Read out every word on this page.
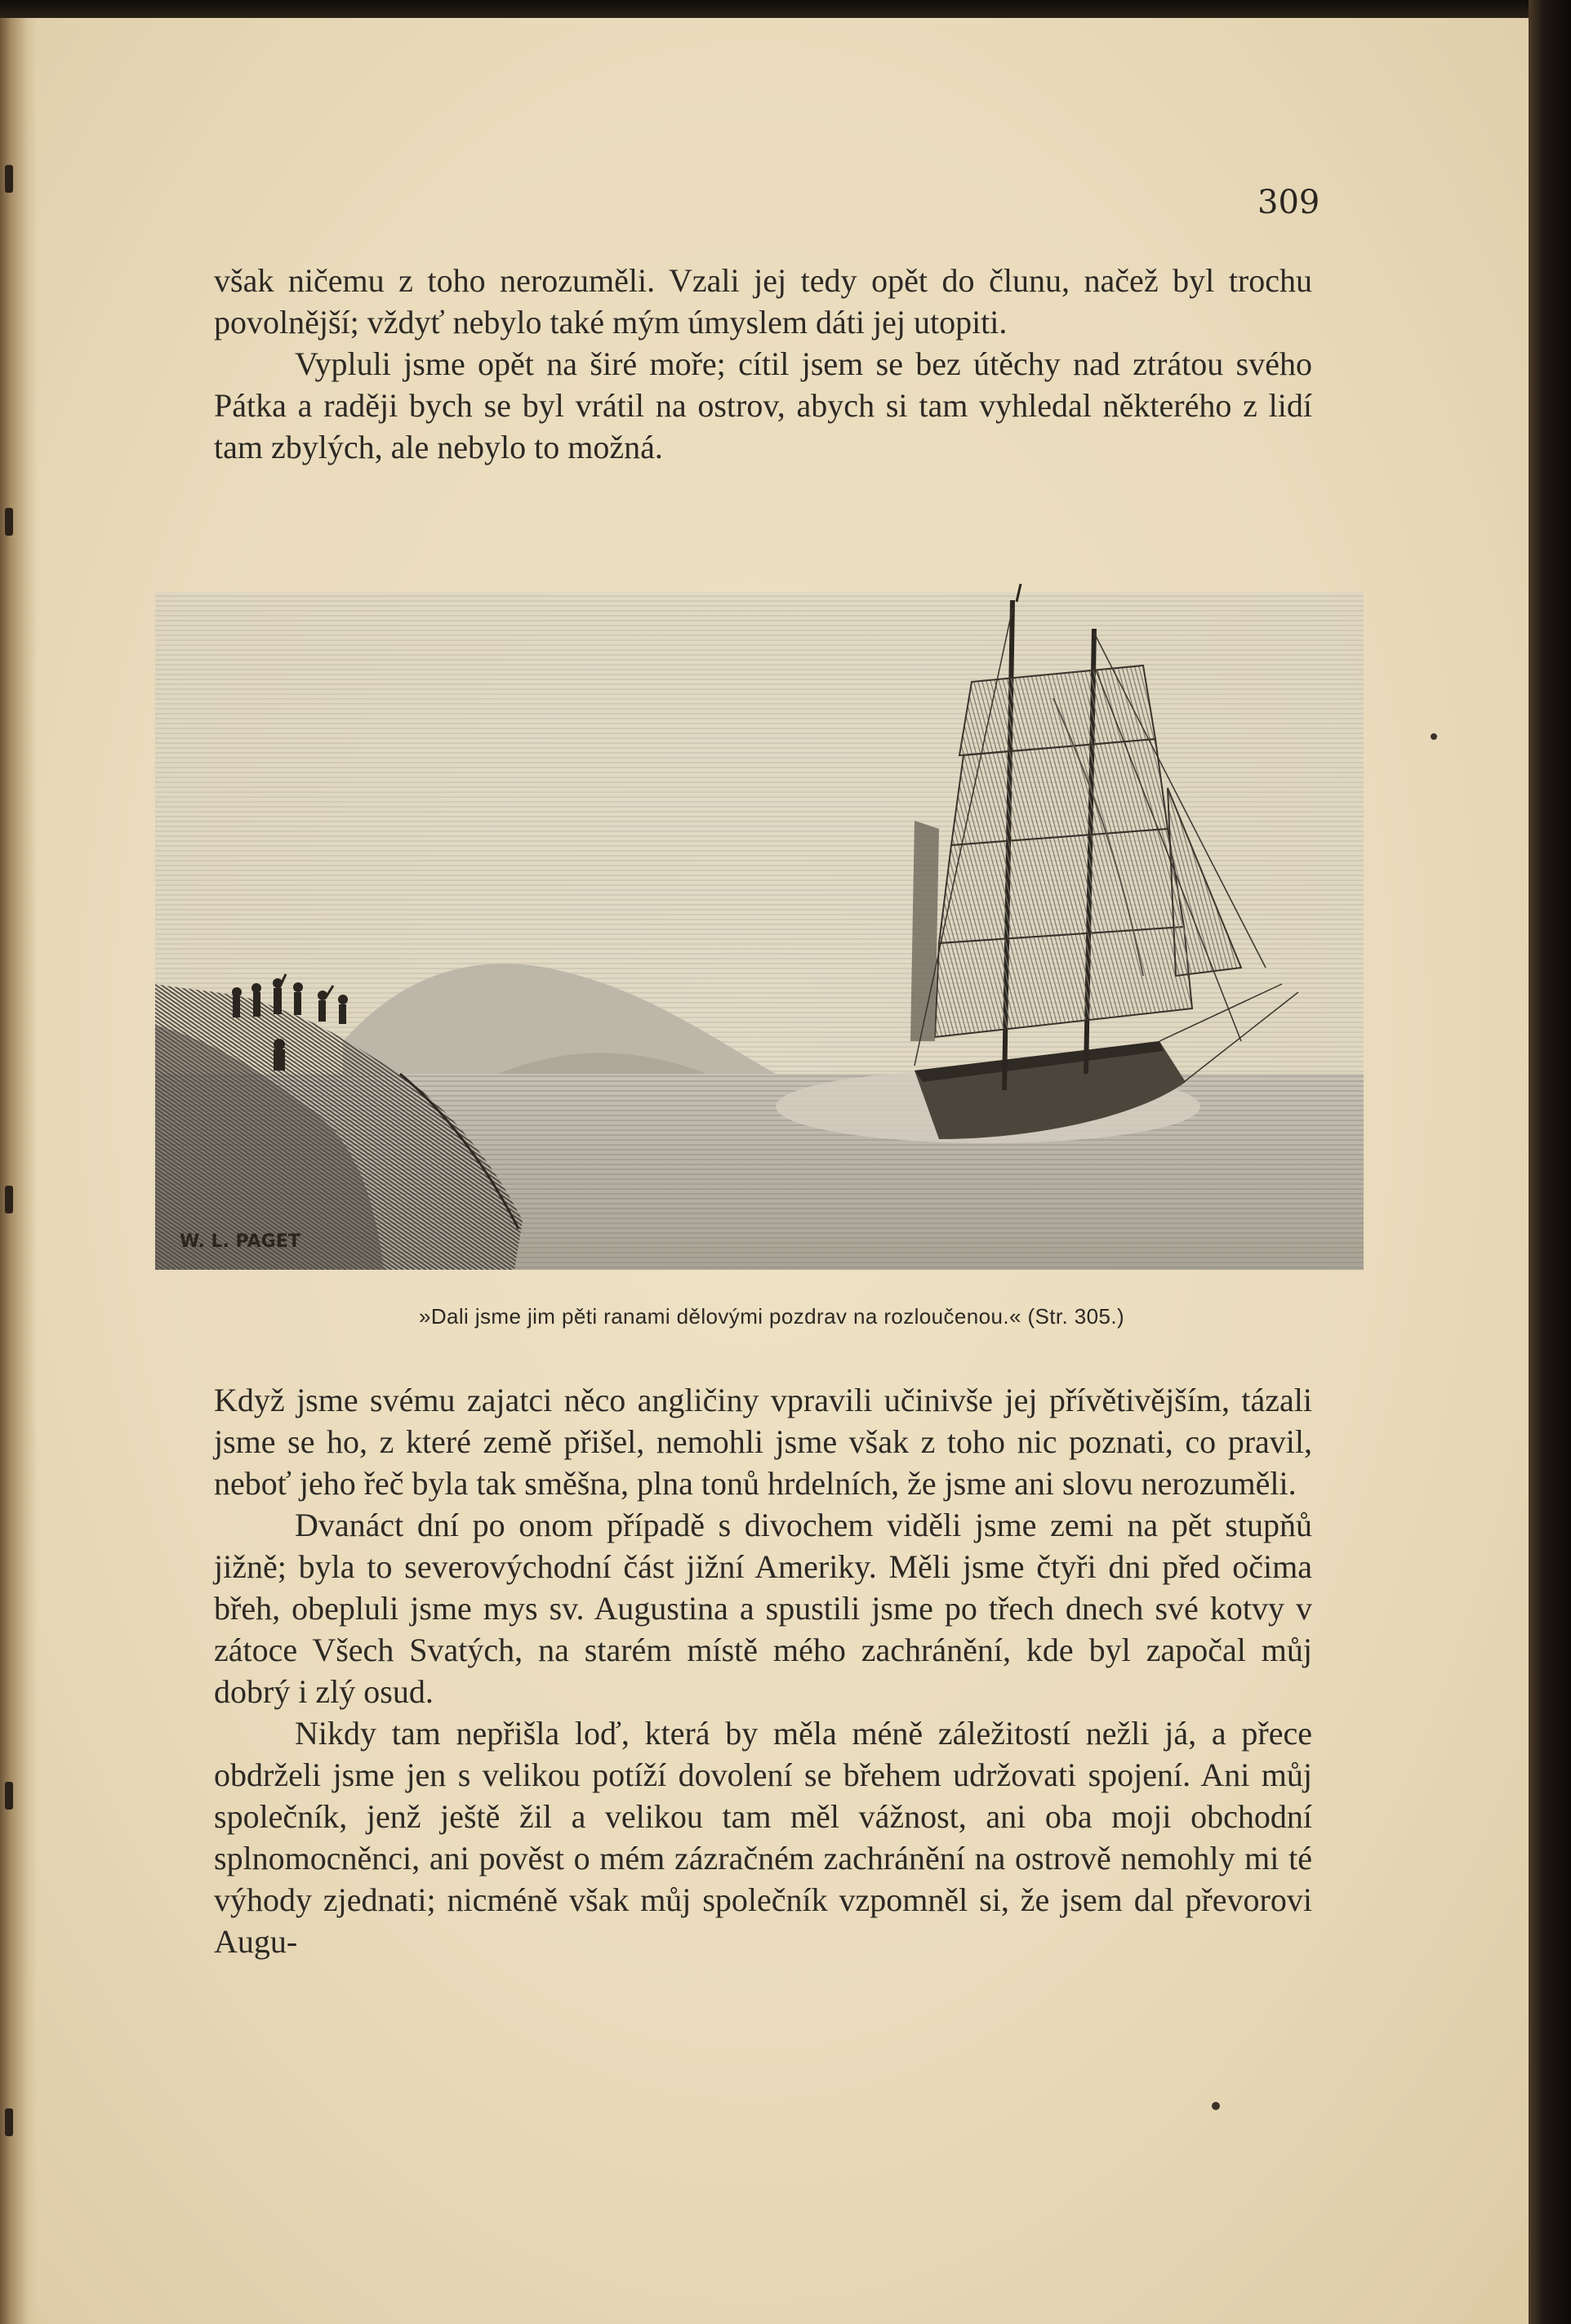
309

však ničemu z toho nerozuměli. Vzali jej tedy opět do člunu, načež byl trochu povolnější; vždyť nebylo také mým úmyslem dáti jej utopiti.

Vypluli jsme opět na širé moře; cítil jsem se bez útěchy nad ztrátou svého Pátka a raději bych se byl vrátil na ostrov, abych si tam vyhledal některého z lidí tam zbylých, ale nebylo to možná.

W. L. PAGET
»Dali jsme jim pěti ranami dělovými pozdrav na rozloučenou.« (Str. 305.)

Když jsme svému zajatci něco angličiny vpravili učinivše jej přívětivějším, tázali jsme se ho, z které země přišel, nemohli jsme však z toho nic poznati, co pravil, neboť jeho řeč byla tak směšna, plna tonů hrdelních, že jsme ani slovu nerozuměli.

Dvanáct dní po onom případě s divochem viděli jsme zemi na pět stupňů jižně; byla to severovýchodní část jižní Ameriky. Měli jsme čtyři dni před očima břeh, obepluli jsme mys sv. Augustina a spustili jsme po třech dnech své kotvy v zátoce Všech Svatých, na starém místě mého zachránění, kde byl započal můj dobrý i zlý osud.

Nikdy tam nepřišla loď, která by měla méně záležitostí nežli já, a přece obdrželi jsme jen s velikou potíží dovolení se břehem udržovati spojení. Ani můj společník, jenž ještě žil a velikou tam měl vážnost, ani oba moji obchodní splnomocněnci, ani pověst o mém zázračném zachránění na ostrově nemohly mi té výhody zjednati; nicméně však můj společník vzpomněl si, že jsem dal převorovi Augu-
